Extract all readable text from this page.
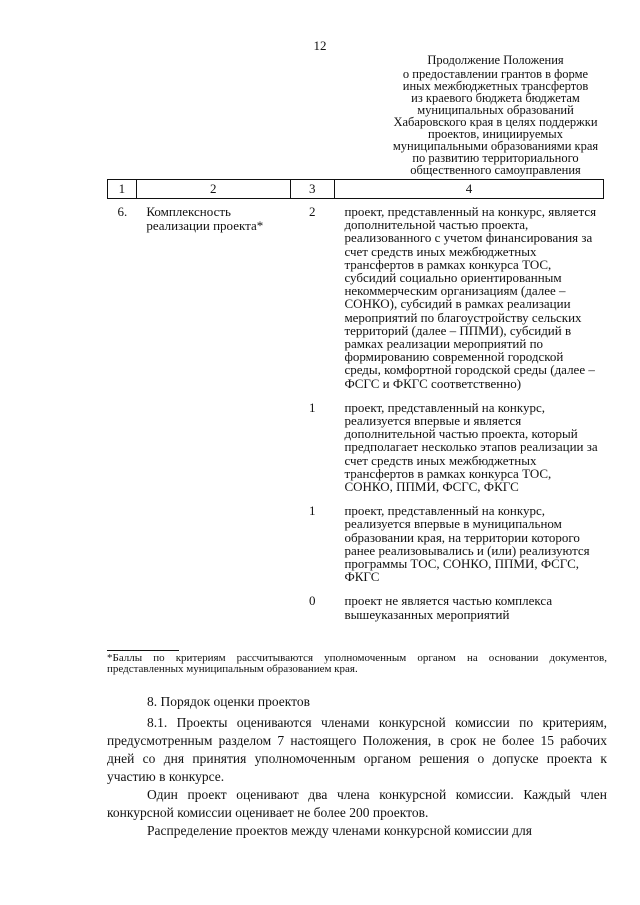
12
Продолжение Положения
о предоставлении грантов в форме
иных межбюджетных трансфертов
из краевого бюджета бюджетам
муниципальных образований
Хабаровского края в целях поддержки
проектов, инициируемых
муниципальными образованиями края
по развитию территориального
общественного самоуправления
1	2	3	4
6.	Комплексность реализации проекта*	2	проект, представленный на конкурс, является дополнительной частью проекта, реализованного с учетом финансирования за счет средств иных межбюджетных трансфертов в рамках конкурса ТОС, субсидий социально ориентированным некоммерческим организациям (далее – СОНКО), субсидий в рамках реализации мероприятий по благоустройству сельских территорий (далее – ППМИ), субсидий в рамках реализации мероприятий по формированию современной городской среды, комфортной городской среды (далее – ФСГС и ФКГС соответственно)
		1	проект, представленный на конкурс, реализуется впервые и является дополнительной частью проекта, который предполагает несколько этапов реализации за счет средств иных межбюджетных трансфертов в рамках конкурса ТОС, СОНКО, ППМИ, ФСГС, ФКГС
		1	проект, представленный на конкурс, реализуется впервые в муниципальном образовании края, на территории которого ранее реализовывались и (или) реализуются программы ТОС, СОНКО, ППМИ, ФСГС, ФКГС
		0	проект не является частью комплекса вышеуказанных мероприятий
*Баллы по критериям рассчитываются уполномоченным органом на основании документов, представленных муниципальным образованием края.
8. Порядок оценки проектов
8.1. Проекты оцениваются членами конкурсной комиссии по критериям, предусмотренным разделом 7 настоящего Положения, в срок не более 15 рабочих дней со дня принятия уполномоченным органом решения о допуске проекта к участию в конкурсе.
Один проект оценивают два члена конкурсной комиссии. Каждый член конкурсной комиссии оценивает не более 200 проектов.
Распределение проектов между членами конкурсной комиссии для
